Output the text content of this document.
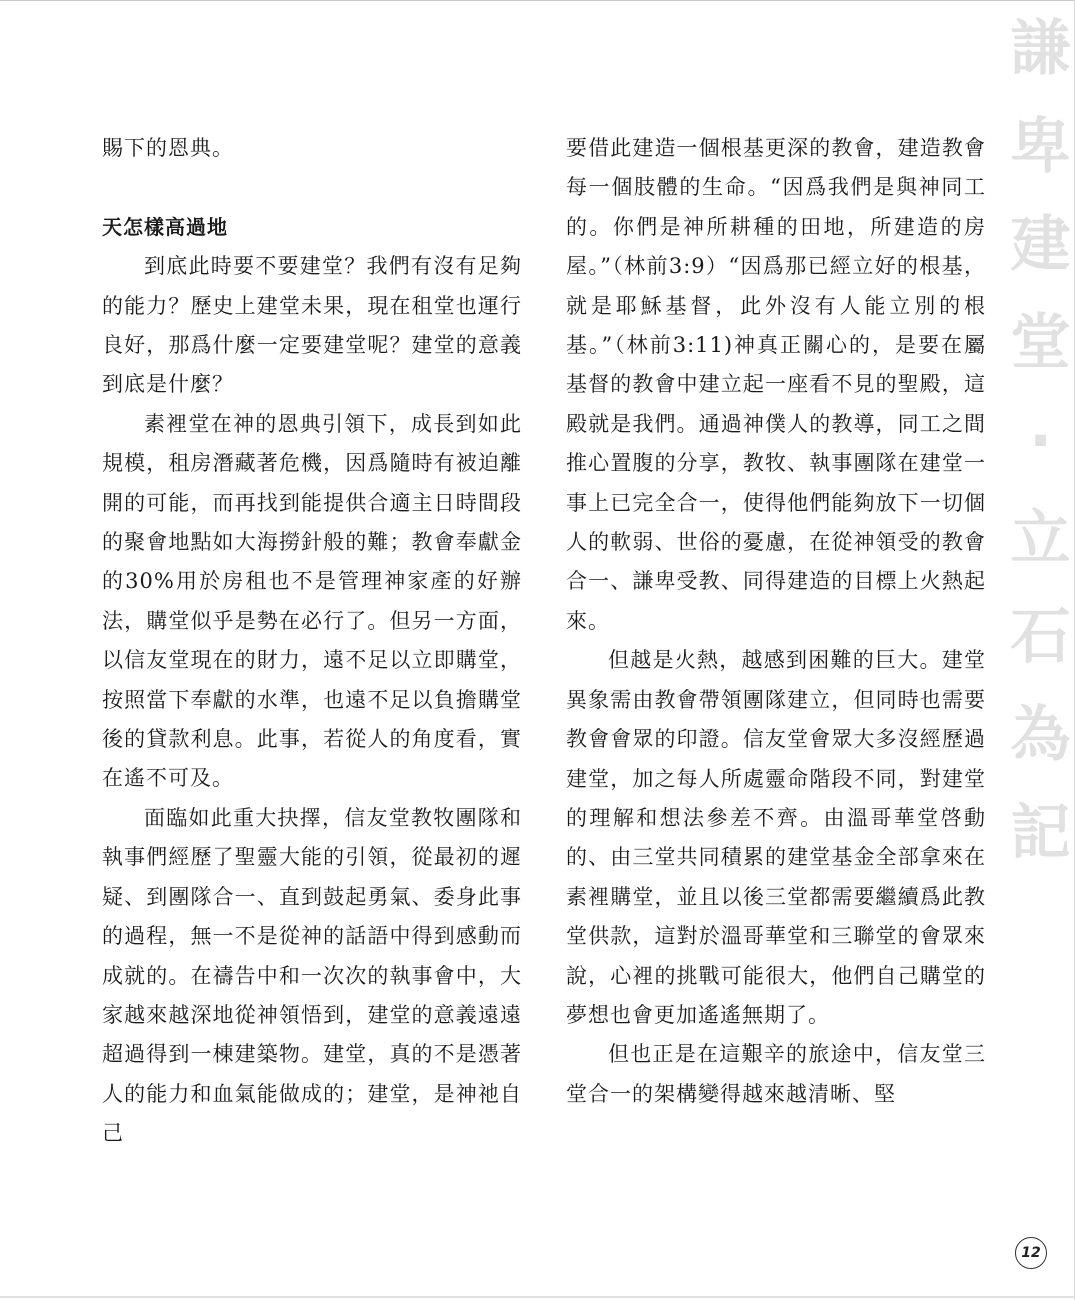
謙
卑
建
堂
·
立
石
為
記

賜下的恩典。

天怎樣高過地

到底此時要不要建堂？我們有沒有足夠的能力？歷史上建堂未果，現在租堂也運行良好，那爲什麼一定要建堂呢？建堂的意義到底是什麼？

素裡堂在神的恩典引領下，成長到如此規模，租房潛藏著危機，因爲隨時有被迫離開的可能，而再找到能提供合適主日時間段的聚會地點如大海撈針般的難；教會奉獻金的30%用於房租也不是管理神家產的好辦法，購堂似乎是勢在必行了。但另一方面，以信友堂現在的財力，遠不足以立即購堂，按照當下奉獻的水準，也遠不足以負擔購堂後的貸款利息。此事，若從人的角度看，實在遙不可及。

面臨如此重大抉擇，信友堂教牧團隊和執事們經歷了聖靈大能的引領，從最初的遲疑、到團隊合一、直到鼓起勇氣、委身此事的過程，無一不是從神的話語中得到感動而成就的。在禱告中和一次次的執事會中，大家越來越深地從神領悟到，建堂的意義遠遠超過得到一棟建築物。建堂，真的不是憑著人的能力和血氣能做成的；建堂，是神祂自己

要借此建造一個根基更深的教會，建造教會每一個肢體的生命。“因爲我們是與神同工的。你們是神所耕種的田地，所建造的房屋。”（林前3:9）“因爲那已經立好的根基，就是耶穌基督，此外沒有人能立別的根基。”（林前3:11)神真正關心的，是要在屬基督的教會中建立起一座看不見的聖殿，這殿就是我們。通過神僕人的教導，同工之間推心置腹的分享，教牧、執事團隊在建堂一事上已完全合一，使得他們能夠放下一切個人的軟弱、世俗的憂慮，在從神領受的教會合一、謙卑受教、同得建造的目標上火熱起來。

但越是火熱，越感到困難的巨大。建堂異象需由教會帶領團隊建立，但同時也需要教會會眾的印證。信友堂會眾大多沒經歷過建堂，加之每人所處靈命階段不同，對建堂的理解和想法參差不齊。由溫哥華堂啓動的、由三堂共同積累的建堂基金全部拿來在素裡購堂，並且以後三堂都需要繼續爲此教堂供款，這對於溫哥華堂和三聯堂的會眾來說，心裡的挑戰可能很大，他們自己購堂的夢想也會更加遙遙無期了。

但也正是在這艱辛的旅途中，信友堂三堂合一的架構變得越來越清晰、堅

12
